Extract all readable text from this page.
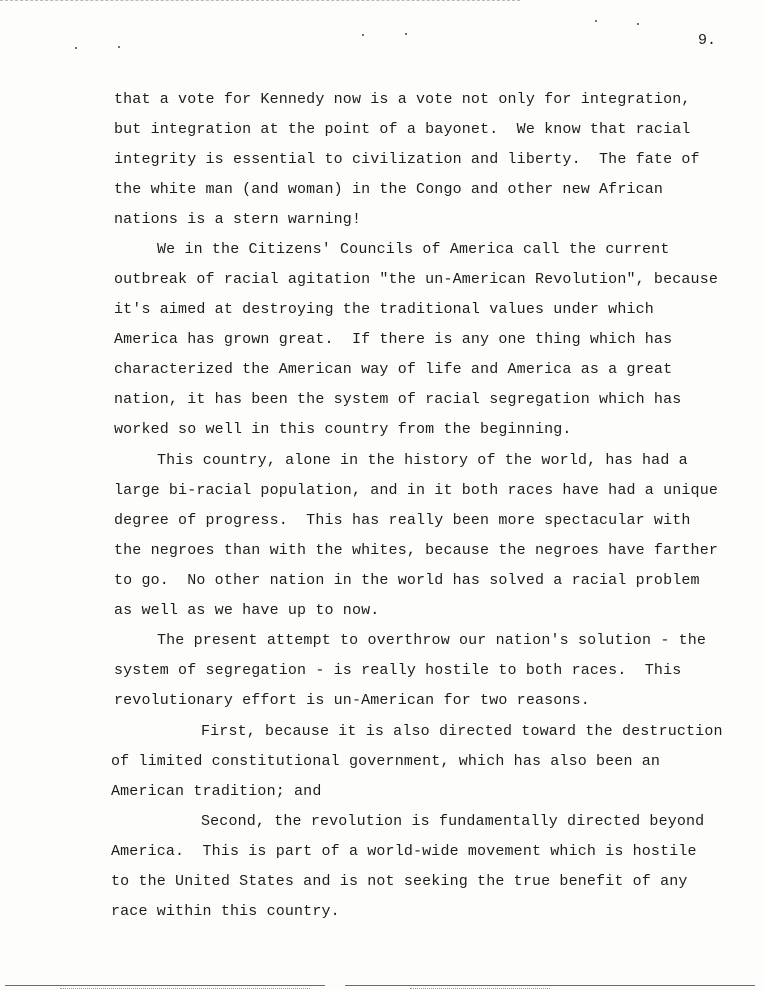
9.
that a vote for Kennedy now is a vote not only for integration,
but integration at the point of a bayonet.  We know that racial
integrity is essential to civilization and liberty.  The fate of
the white man (and woman) in the Congo and other new African
nations is a stern warning!
We in the Citizens' Councils of America call the current
outbreak of racial agitation "the un-American Revolution", because
it's aimed at destroying the traditional values under which
America has grown great.  If there is any one thing which has
characterized the American way of life and America as a great
nation, it has been the system of racial segregation which has
worked so well in this country from the beginning.
This country, alone in the history of the world, has had a
large bi-racial population, and in it both races have had a unique
degree of progress.  This has really been more spectacular with
the negroes than with the whites, because the negroes have farther
to go.  No other nation in the world has solved a racial problem
as well as we have up to now.
The present attempt to overthrow our nation's solution - the
system of segregation - is really hostile to both races.  This
revolutionary effort is un-American for two reasons.
First, because it is also directed toward the destruction
of limited constitutional government, which has also been an
American tradition; and
Second, the revolution is fundamentally directed beyond
America.  This is part of a world-wide movement which is hostile
to the United States and is not seeking the true benefit of any
race within this country.
